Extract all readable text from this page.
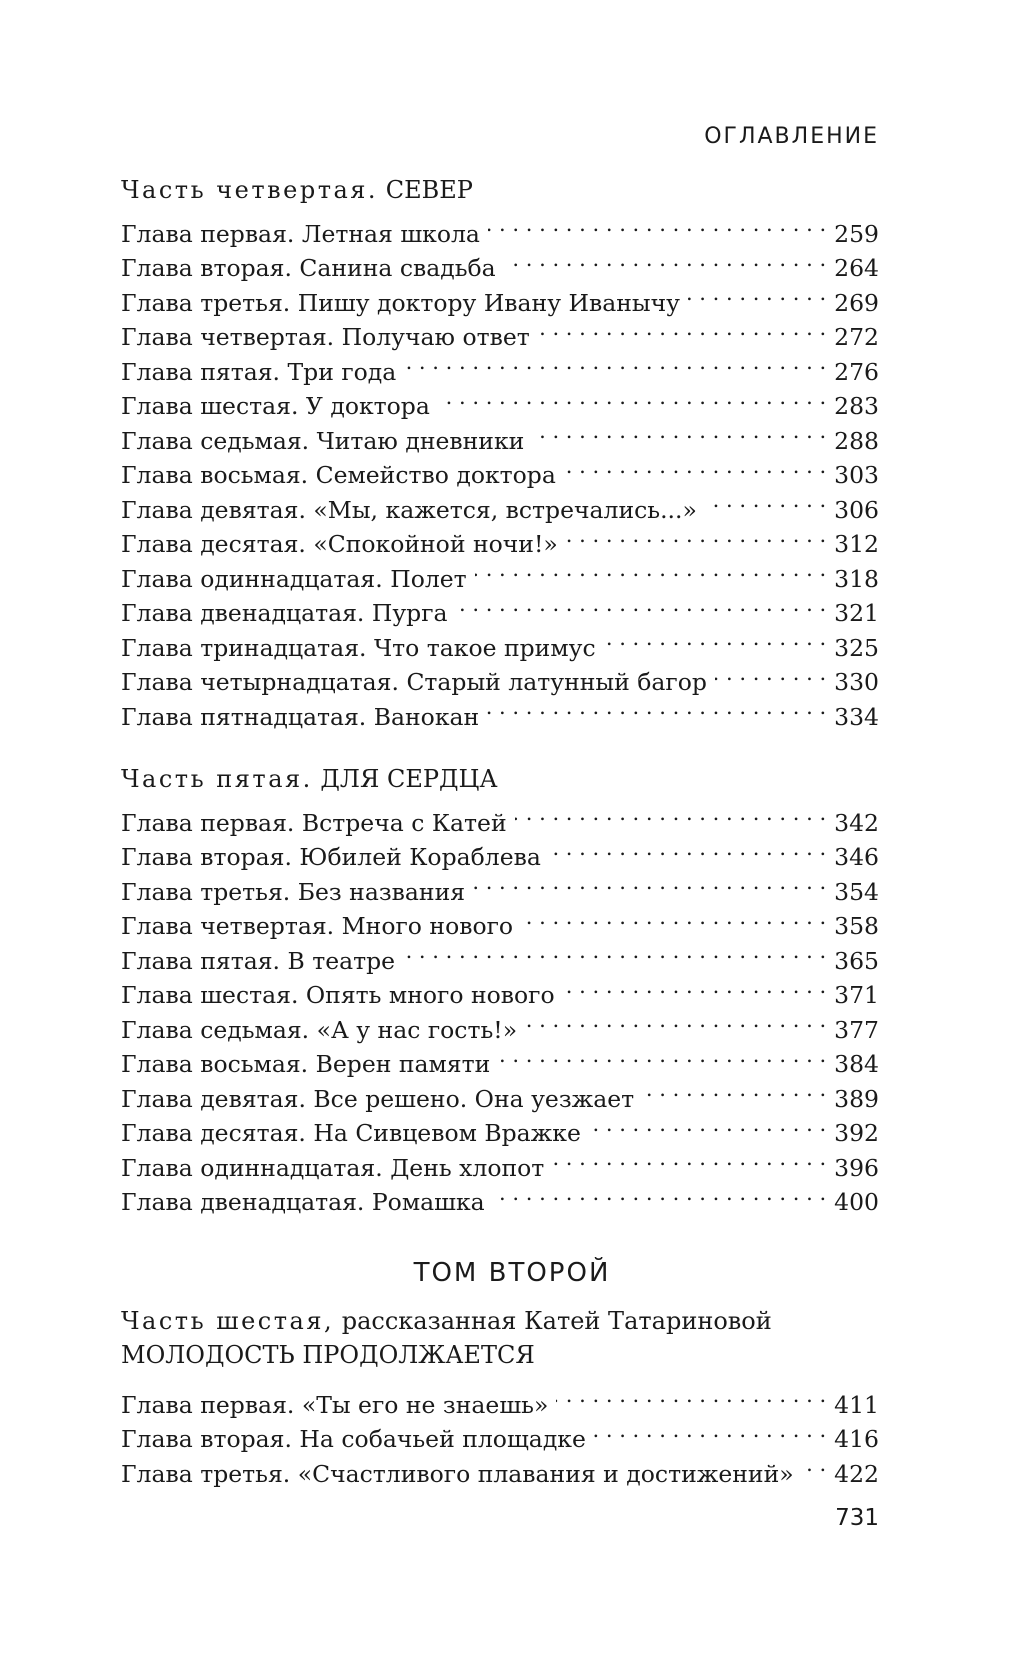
ОГЛАВЛЕНИЕ
Часть четвертая. СЕВЕР
Глава первая. Летная школа . . .	259
Глава вторая. Санина свадьба . . .	264
Глава третья. Пишу доктору Ивану Иванычу . . .	269
Глава четвертая. Получаю ответ . . .	272
Глава пятая. Три года . . .	276
Глава шестая. У доктора . . .	283
Глава седьмая. Читаю дневники . . .	288
Глава восьмая. Семейство доктора . . .	303
Глава девятая. «Мы, кажется, встречались...» . . .	306
Глава десятая. «Спокойной ночи!» . . .	312
Глава одиннадцатая. Полет . . .	318
Глава двенадцатая. Пурга . . .	321
Глава тринадцатая. Что такое примус . . .	325
Глава четырнадцатая. Старый латунный багор . . .	330
Глава пятнадцатая. Ванокан . . .	334
Часть пятая. ДЛЯ СЕРДЦА
Глава первая. Встреча с Катей . . .	342
Глава вторая. Юбилей Кораблева . . .	346
Глава третья. Без названия . . .	354
Глава четвертая. Много нового . . .	358
Глава пятая. В театре . . .	365
Глава шестая. Опять много нового . . .	371
Глава седьмая. «А у нас гость!» . . .	377
Глава восьмая. Верен памяти . . .	384
Глава девятая. Все решено. Она уезжает . . .	389
Глава десятая. На Сивцевом Вражке . . .	392
Глава одиннадцатая. День хлопот . . .	396
Глава двенадцатая. Ромашка . . .	400
ТОМ ВТОРОЙ
Часть шестая, рассказанная Катей Татариновой
МОЛОДОСТЬ ПРОДОЛЖАЕТСЯ
Глава первая. «Ты его не знаешь» . . .	411
Глава вторая. На собачьей площадке . . .	416
Глава третья. «Счастливого плавания и достижений» . . . 422
731
